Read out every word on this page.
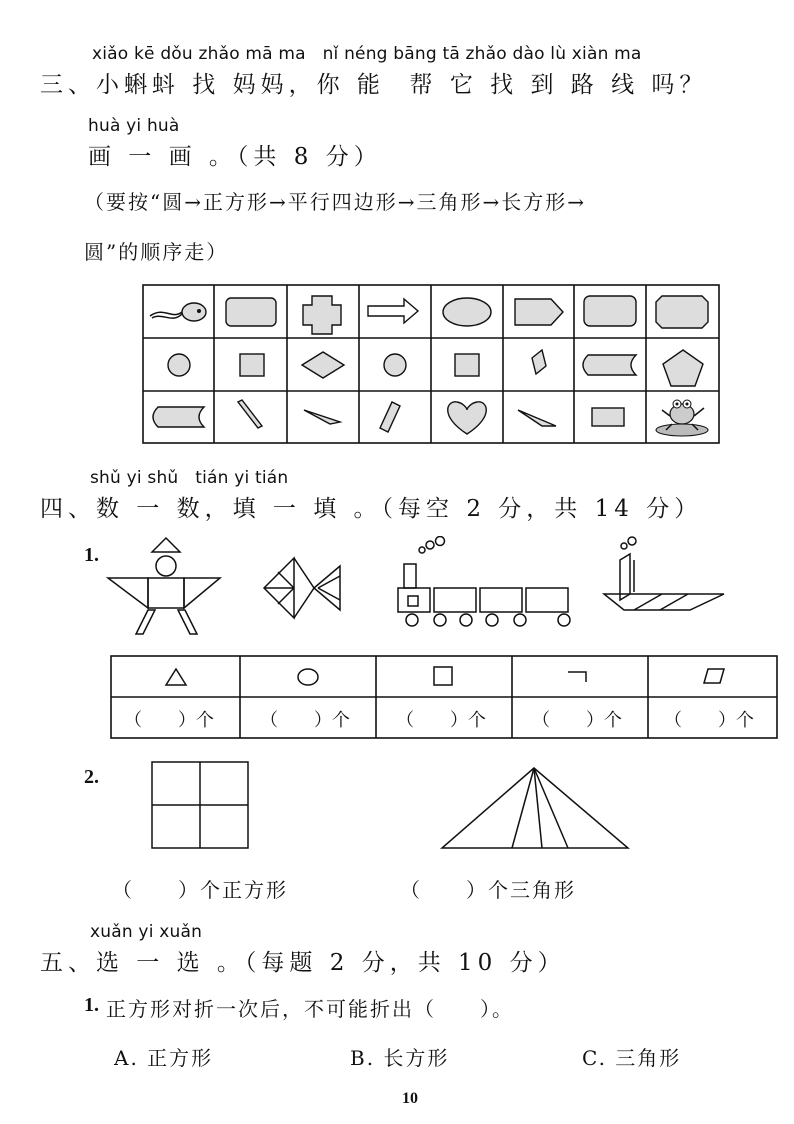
xiǎo kē dǒu zhǎo mā ma   nǐ néng bāng tā zhǎo dào lù xiàn ma
三、小蝌蚪 找 妈妈，你 能  帮 它 找 到 路 线 吗？
huà yi huà
画 一 画 。（共 8 分）
（要按“圆→正方形→平行四边形→三角形→长方形→
圆”的顺序走）
shǔ yi shǔ   tián yi tián
四、数 一 数，填 一 填 。（每空 2 分，共 14 分）
1.
（　　）个	（　　）个	（　　）个	（　　）个 （　　）个
2.
（　　）个正方形	（　　）个三角形
xuǎn yi xuǎn
五、选 一 选 。（每题 2 分，共 10 分）
1. 正方形对折一次后，不可能折出（　　）。
A. 正方形	B. 长方形	C. 三角形
10
